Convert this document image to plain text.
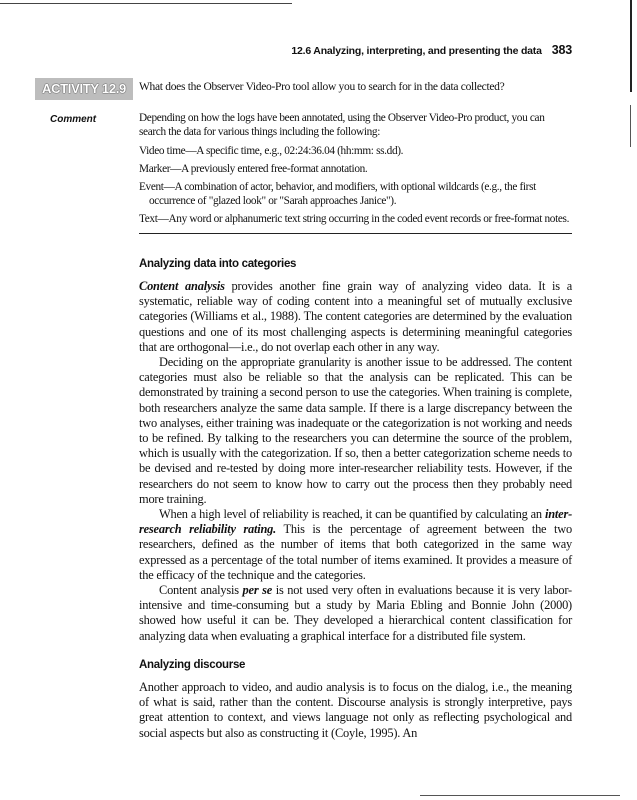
12.6 Analyzing, interpreting, and presenting the data 383
ACTIVITY 12.9	What does the Observer Video-Pro tool allow you to search for in the data collected?
Comment	Depending on how the logs have been annotated, using the Observer Video-Pro product, you can search the data for various things including the following:

Video time—A specific time, e.g., 02:24:36.04 (hh:mm: ss.dd).
Marker—A previously entered free-format annotation.
Event—A combination of actor, behavior, and modifiers, with optional wildcards (e.g., the first occurrence of "glazed look" or "Sarah approaches Janice").
Text—Any word or alphanumeric text string occurring in the coded event records or free-format notes.
Analyzing data into categories

Content analysis provides another fine grain way of analyzing video data. It is a systematic, reliable way of coding content into a meaningful set of mutually exclusive categories (Williams et al., 1988). The content categories are determined by the evaluation questions and one of its most challenging aspects is determining meaningful categories that are orthogonal—i.e., do not overlap each other in any way.

Deciding on the appropriate granularity is another issue to be addressed. The content categories must also be reliable so that the analysis can be replicated. This can be demonstrated by training a second person to use the categories. When training is complete, both researchers analyze the same data sample. If there is a large discrepancy between the two analyses, either training was inadequate or the categorization is not working and needs to be refined. By talking to the researchers you can determine the source of the problem, which is usually with the categorization. If so, then a better categorization scheme needs to be devised and re-tested by doing more inter-researcher reliability tests. However, if the researchers do not seem to know how to carry out the process then they probably need more training.

When a high level of reliability is reached, it can be quantified by calculating an inter-research reliability rating. This is the percentage of agreement between the two researchers, defined as the number of items that both categorized in the same way expressed as a percentage of the total number of items examined. It provides a measure of the efficacy of the technique and the categories.

Content analysis per se is not used very often in evaluations because it is very labor-intensive and time-consuming but a study by Maria Ebling and Bonnie John (2000) showed how useful it can be. They developed a hierarchical content classification for analyzing data when evaluating a graphical interface for a distributed file system.

Analyzing discourse

Another approach to video, and audio analysis is to focus on the dialog, i.e., the meaning of what is said, rather than the content. Discourse analysis is strongly interpretive, pays great attention to context, and views language not only as reflecting psychological and social aspects but also as constructing it (Coyle, 1995). An
